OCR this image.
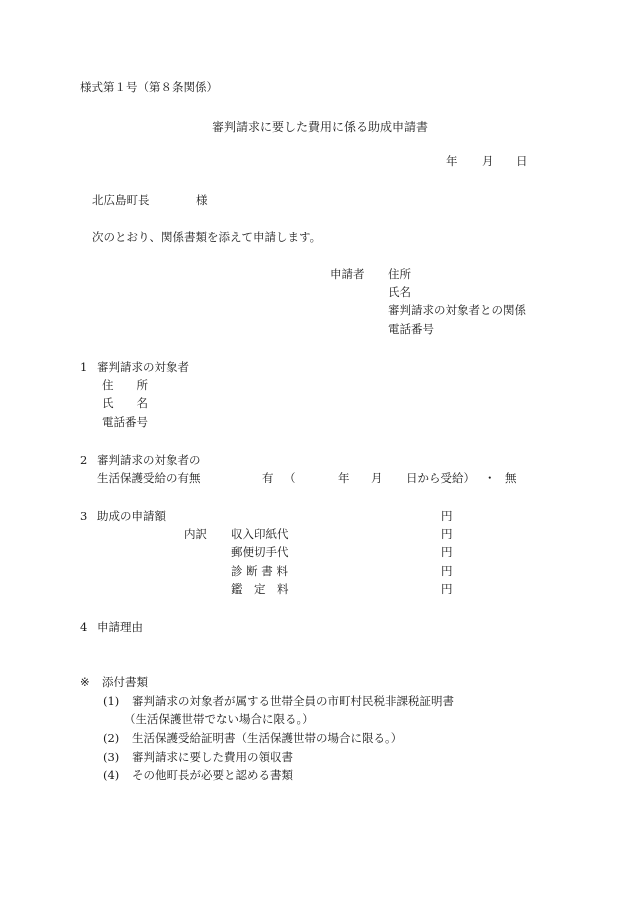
様式第１号（第８条関係）
審判請求に要した費用に係る助成申請書
年 月 日
北広島町長	様
次のとおり、関係書類を添えて申請します。
申請者 住所
氏名
審判請求の対象者との関係
電話番号
1 審判請求の対象者
住　　所
氏　　名
電話番号
2 審判請求の対象者の
生活保護受給の有無	有 （	年 月 日から受給） ・ 無
3 助成の申請額	円
内訳 収入印紙代	円
郵便切手代	円
診 断 書 料	円
鑑　定　料	円
4 申請理由
※ 添付書類
(1) 審判請求の対象者が属する世帯全員の市町村民税非課税証明書
（生活保護世帯でない場合に限る。）
(2) 生活保護受給証明書（生活保護世帯の場合に限る。）
(3) 審判請求に要した費用の領収書
(4) その他町長が必要と認める書類
